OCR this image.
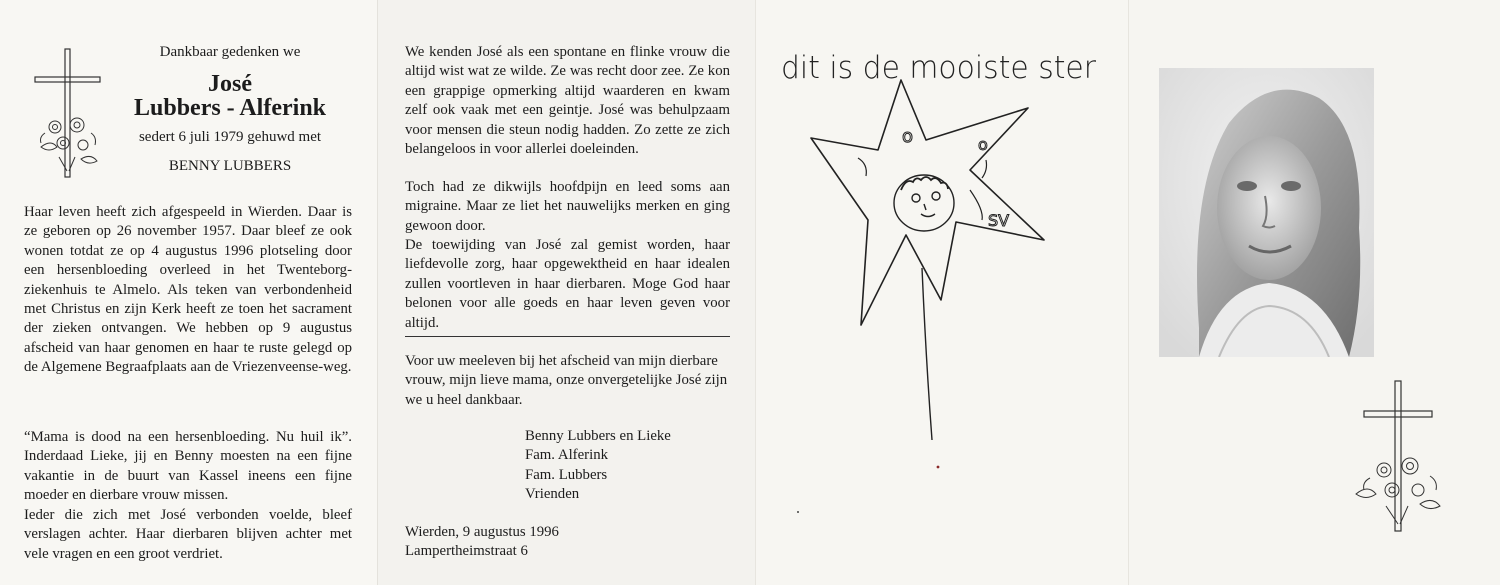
Dankbaar gedenken we
José
Lubbers - Alferink
sedert 6 juli 1979 gehuwd met
BENNY LUBBERS
Haar leven heeft zich afgespeeld in Wierden. Daar is ze geboren op 26 november 1957. Daar bleef ze ook wonen totdat ze op 4 augustus 1996 plotseling door een hersenbloeding overleed in het Twenteborg-ziekenhuis te Almelo. Als teken van verbondenheid met Christus en zijn Kerk heeft ze toen het sacrament der zieken ontvangen. We hebben op 9 augustus afscheid van haar genomen en haar te ruste gelegd op de Algemene Begraafplaats aan de Vriezenveense-weg.
“Mama is dood na een hersenbloeding. Nu huil ik”. Inderdaad Lieke, jij en Benny moesten na een fijne vakantie in de buurt van Kassel ineens een fijne moeder en dierbare vrouw missen.
Ieder die zich met José verbonden voelde, bleef verslagen achter. Haar dierbaren blijven achter met vele vragen en een groot verdriet.
We kenden José als een spontane en flinke vrouw die altijd wist wat ze wilde. Ze was recht door zee. Ze kon een grappige opmerking altijd waarderen en kwam zelf ook vaak met een geintje. José was behulpzaam voor mensen die steun nodig hadden. Zo zette ze zich belangeloos in voor allerlei doeleinden.
Toch had ze dikwijls hoofdpijn en leed soms aan migraine. Maar ze liet het nauwelijks merken en ging gewoon door.
De toewijding van José zal gemist worden, haar liefdevolle zorg, haar opgewektheid en haar idealen zullen voortleven in haar dierbaren. Moge God haar belonen voor alle goeds en haar leven geven voor altijd.
Voor uw meeleven bij het afscheid van mijn dierbare vrouw, mijn lieve mama, onze onvergetelijke José zijn we u heel dankbaar.
Benny Lubbers en Lieke
Fam. Alferink
Fam. Lubbers
Vrienden
Wierden, 9 augustus 1996
Lampertheimstraat 6
dit is de mooiste ster
o	o
SV
